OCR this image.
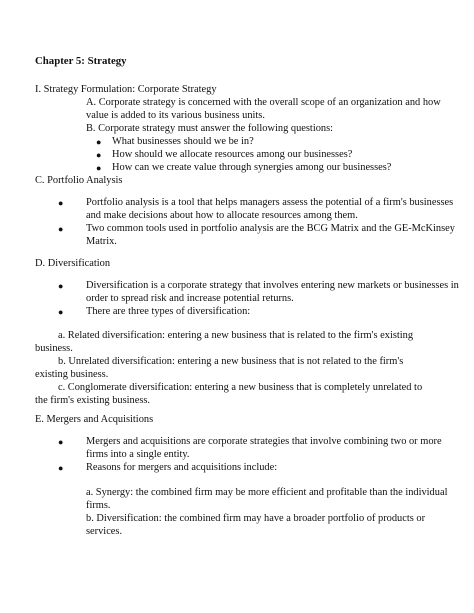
Chapter 5: Strategy
I. Strategy Formulation: Corporate Strategy
A. Corporate strategy is concerned with the overall scope of an organization and how
value is added to its various business units.
B. Corporate strategy must answer the following questions:
● What businesses should we be in?
● How should we allocate resources among our businesses?
● How can we create value through synergies among our businesses?
C. Portfolio Analysis
● Portfolio analysis is a tool that helps managers assess the potential of a firm's businesses
and make decisions about how to allocate resources among them.
● Two common tools used in portfolio analysis are the BCG Matrix and the GE-McKinsey
Matrix.
D. Diversification
● Diversification is a corporate strategy that involves entering new markets or businesses in
order to spread risk and increase potential returns.
● There are three types of diversification:
a. Related diversification: entering a new business that is related to the firm's existing
business.
b. Unrelated diversification: entering a new business that is not related to the firm's
existing business.
c. Conglomerate diversification: entering a new business that is completely unrelated to
the firm's existing business.
E. Mergers and Acquisitions
● Mergers and acquisitions are corporate strategies that involve combining two or more
firms into a single entity.
● Reasons for mergers and acquisitions include:
a. Synergy: the combined firm may be more efficient and profitable than the individual
firms.
b. Diversification: the combined firm may have a broader portfolio of products or
services.
